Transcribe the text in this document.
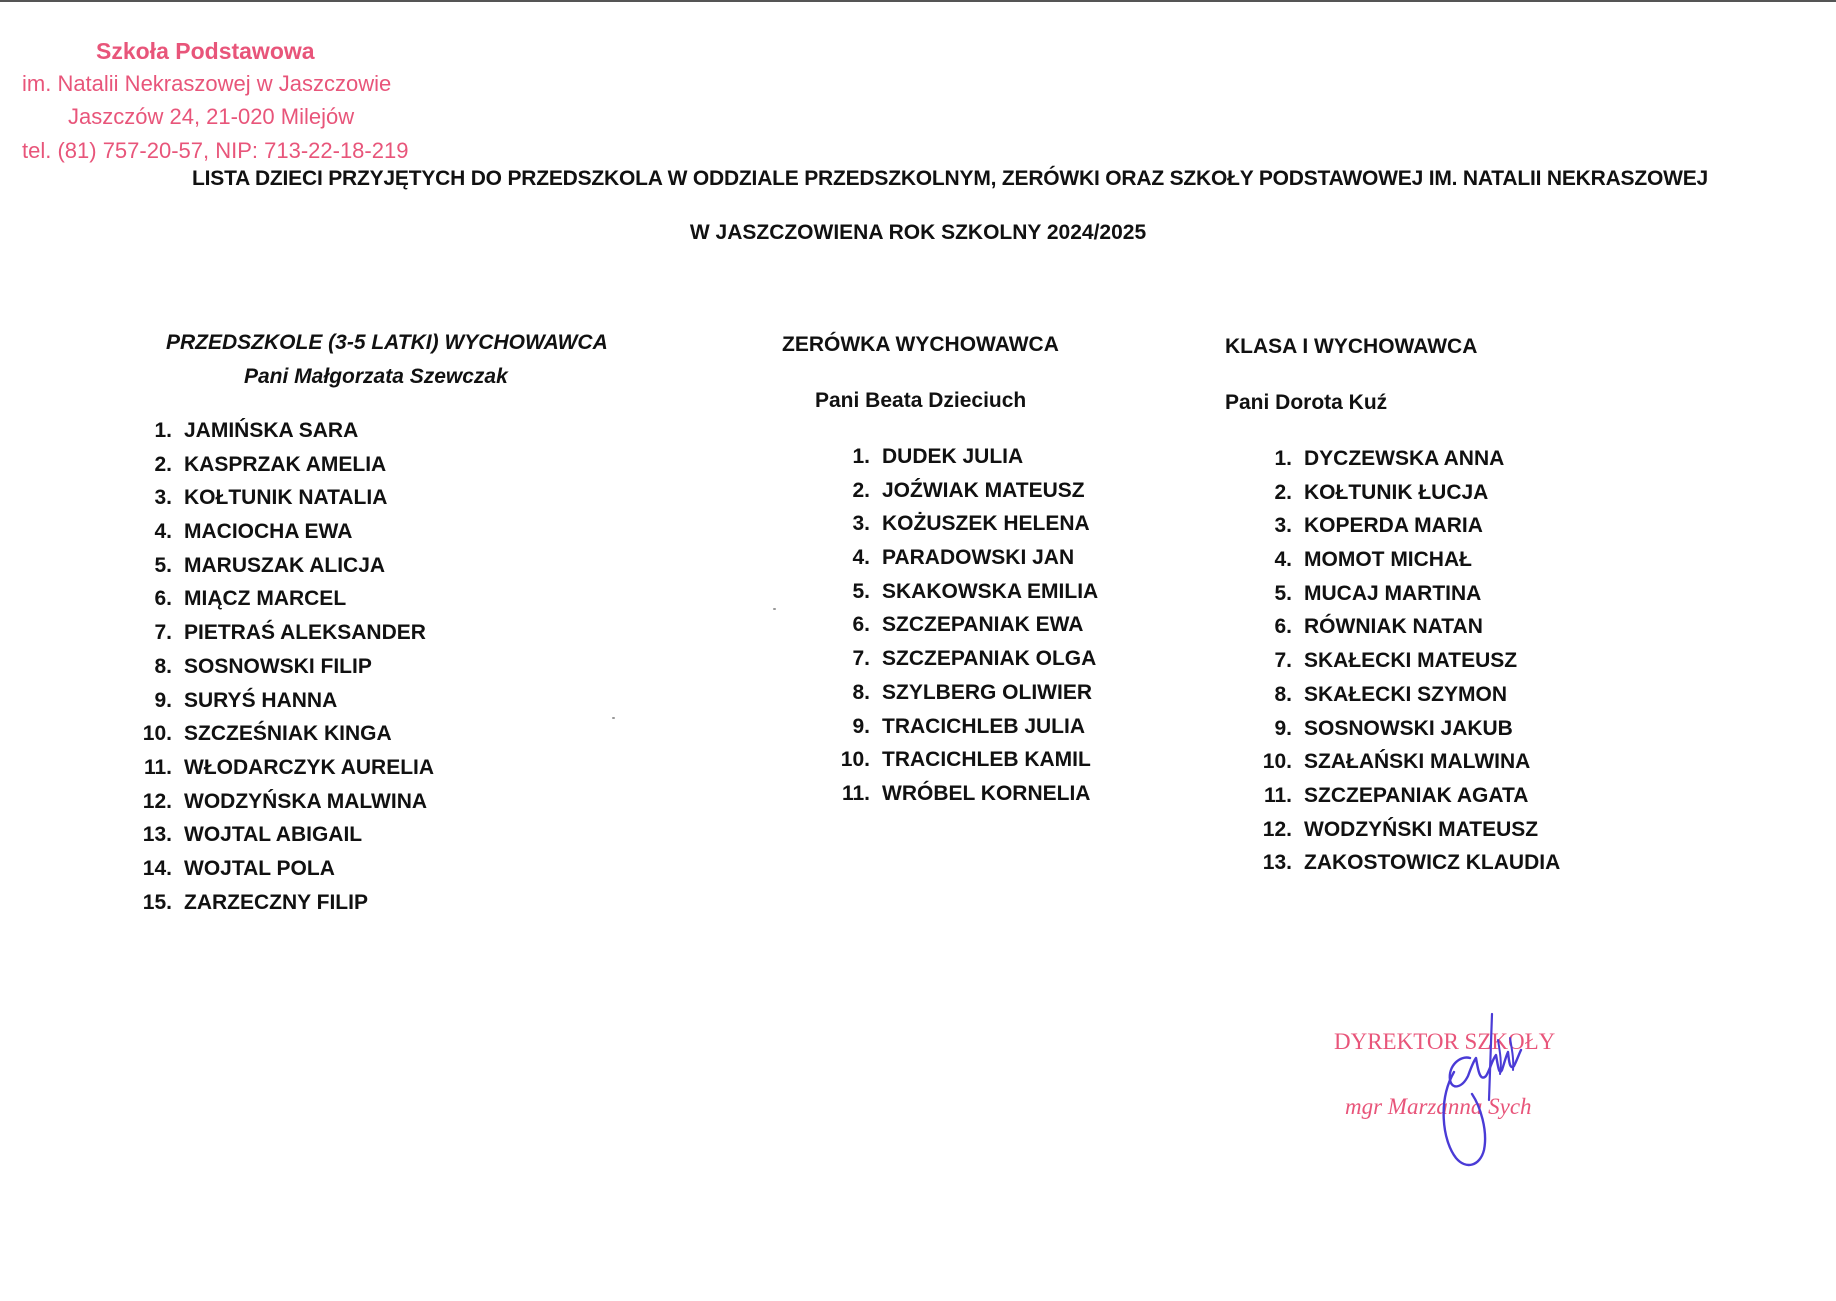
Szkoła Podstawowa
im. Natalii Nekraszowej w Jaszczowie
Jaszczów 24, 21-020 Milejów
tel. (81) 757-20-57, NIP: 713-22-18-219
LISTA DZIECI PRZYJĘTYCH DO PRZEDSZKOLA W ODDZIALE PRZEDSZKOLNYM, ZERÓWKI ORAZ SZKOŁY PODSTAWOWEJ IM. NATALII NEKRASZOWEJ
W JASZCZOWIENA ROK SZKOLNY 2024/2025
PRZEDSZKOLE (3-5 LATKI) WYCHOWAWCA
Pani Małgorzata Szewczak
1. JAMIŃSKA SARA
2. KASPRZAK AMELIA
3. KOŁTUNIK NATALIA
4. MACIOCHA EWA
5. MARUSZAK ALICJA
6. MIĄCZ MARCEL
7. PIETRAŚ ALEKSANDER
8. SOSNOWSKI FILIP
9. SURYŚ HANNA
10. SZCZEŚNIAK KINGA
11. WŁODARCZYK AURELIA
12. WODZYŃSKA MALWINA
13. WOJTAL ABIGAIL
14. WOJTAL POLA
15. ZARZECZNY FILIP
ZERÓWKA WYCHOWAWCA
Pani Beata Dzieciuch
1. DUDEK JULIA
2. JOŹWIAK MATEUSZ
3. KOŻUSZEK HELENA
4. PARADOWSKI JAN
5. SKAKOWSKA EMILIA
6. SZCZEPANIAK EWA
7. SZCZEPANIAK OLGA
8. SZYLBERG OLIWIER
9. TRACICHLEB JULIA
10. TRACICHLEB KAMIL
11. WRÓBEL KORNELIA
KLASA I WYCHOWAWCA
Pani Dorota Kuź
1. DYCZEWSKA ANNA
2. KOŁTUNIK ŁUCJA
3. KOPERDA MARIA
4. MOMOT MICHAŁ
5. MUCAJ MARTINA
6. RÓWNIAK NATAN
7. SKAŁECKI MATEUSZ
8. SKAŁECKI SZYMON
9. SOSNOWSKI JAKUB
10. SZAŁAŃSKI MALWINA
11. SZCZEPANIAK AGATA
12. WODZYŃSKI MATEUSZ
13. ZAKOSTOWICZ KLAUDIA
DYREKTOR SZKOŁY
mgr Marzanna Sych
